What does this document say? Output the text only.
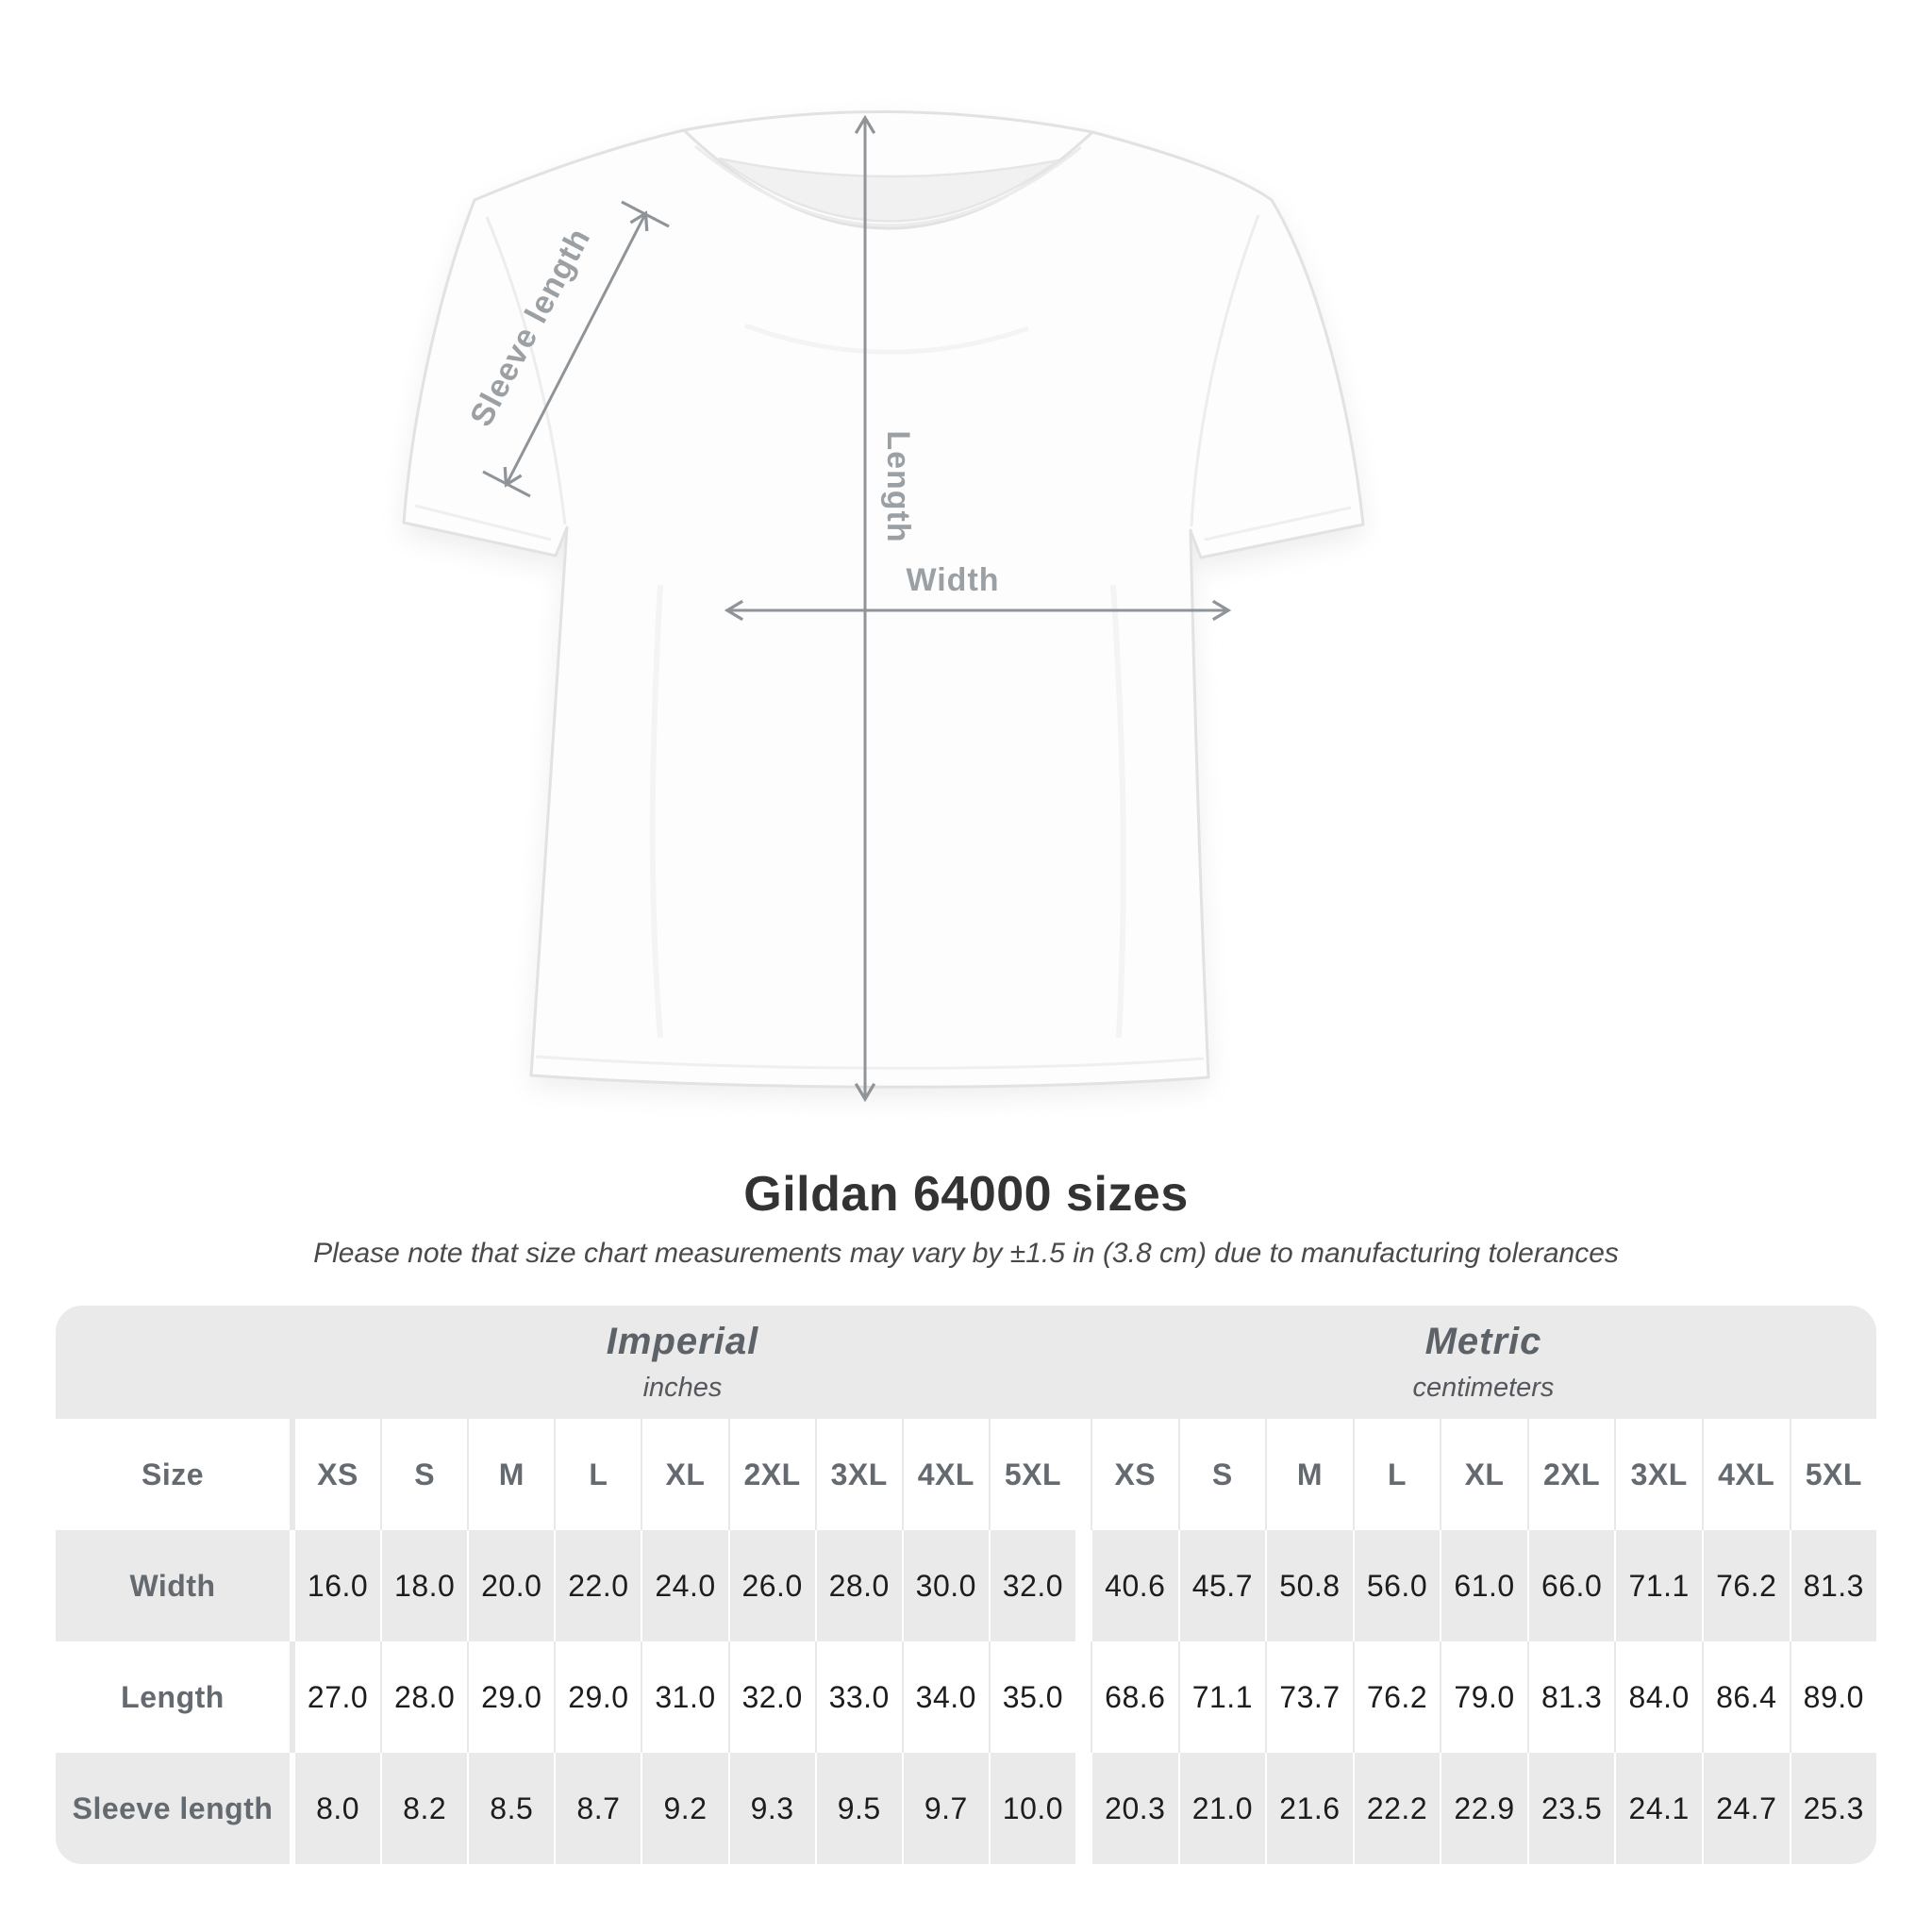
Length
Width
Sleeve length
Gildan 64000 sizes
Please note that size chart measurements may vary by ±1.5 in (3.8 cm) due to manufacturing tolerances
Imperial
inches
Metric
centimeters
Size	XS	S	M	L	XL	2XL 3XL 4XL 5XL	XS	S	M	L	XL	2XL	3XL	4XL	5XL
Width	16.0 18.0 20.0 22.0 24.0 26.0 28.0 30.0 32.0	40.6 45.7 50.8 56.0 61.0 66.0 71.1 76.2 81.3
Length	27.0 28.0 29.0 29.0 31.0 32.0 33.0 34.0 35.0	68.6 71.1 73.7 76.2 79.0 81.3 84.0 86.4 89.0
Sleeve length	8.0	8.2	8.5	8.7	9.2	9.3	9.5	9.7	10.0	20.3 21.0 21.6 22.2 22.9 23.5 24.1 24.7 25.3
